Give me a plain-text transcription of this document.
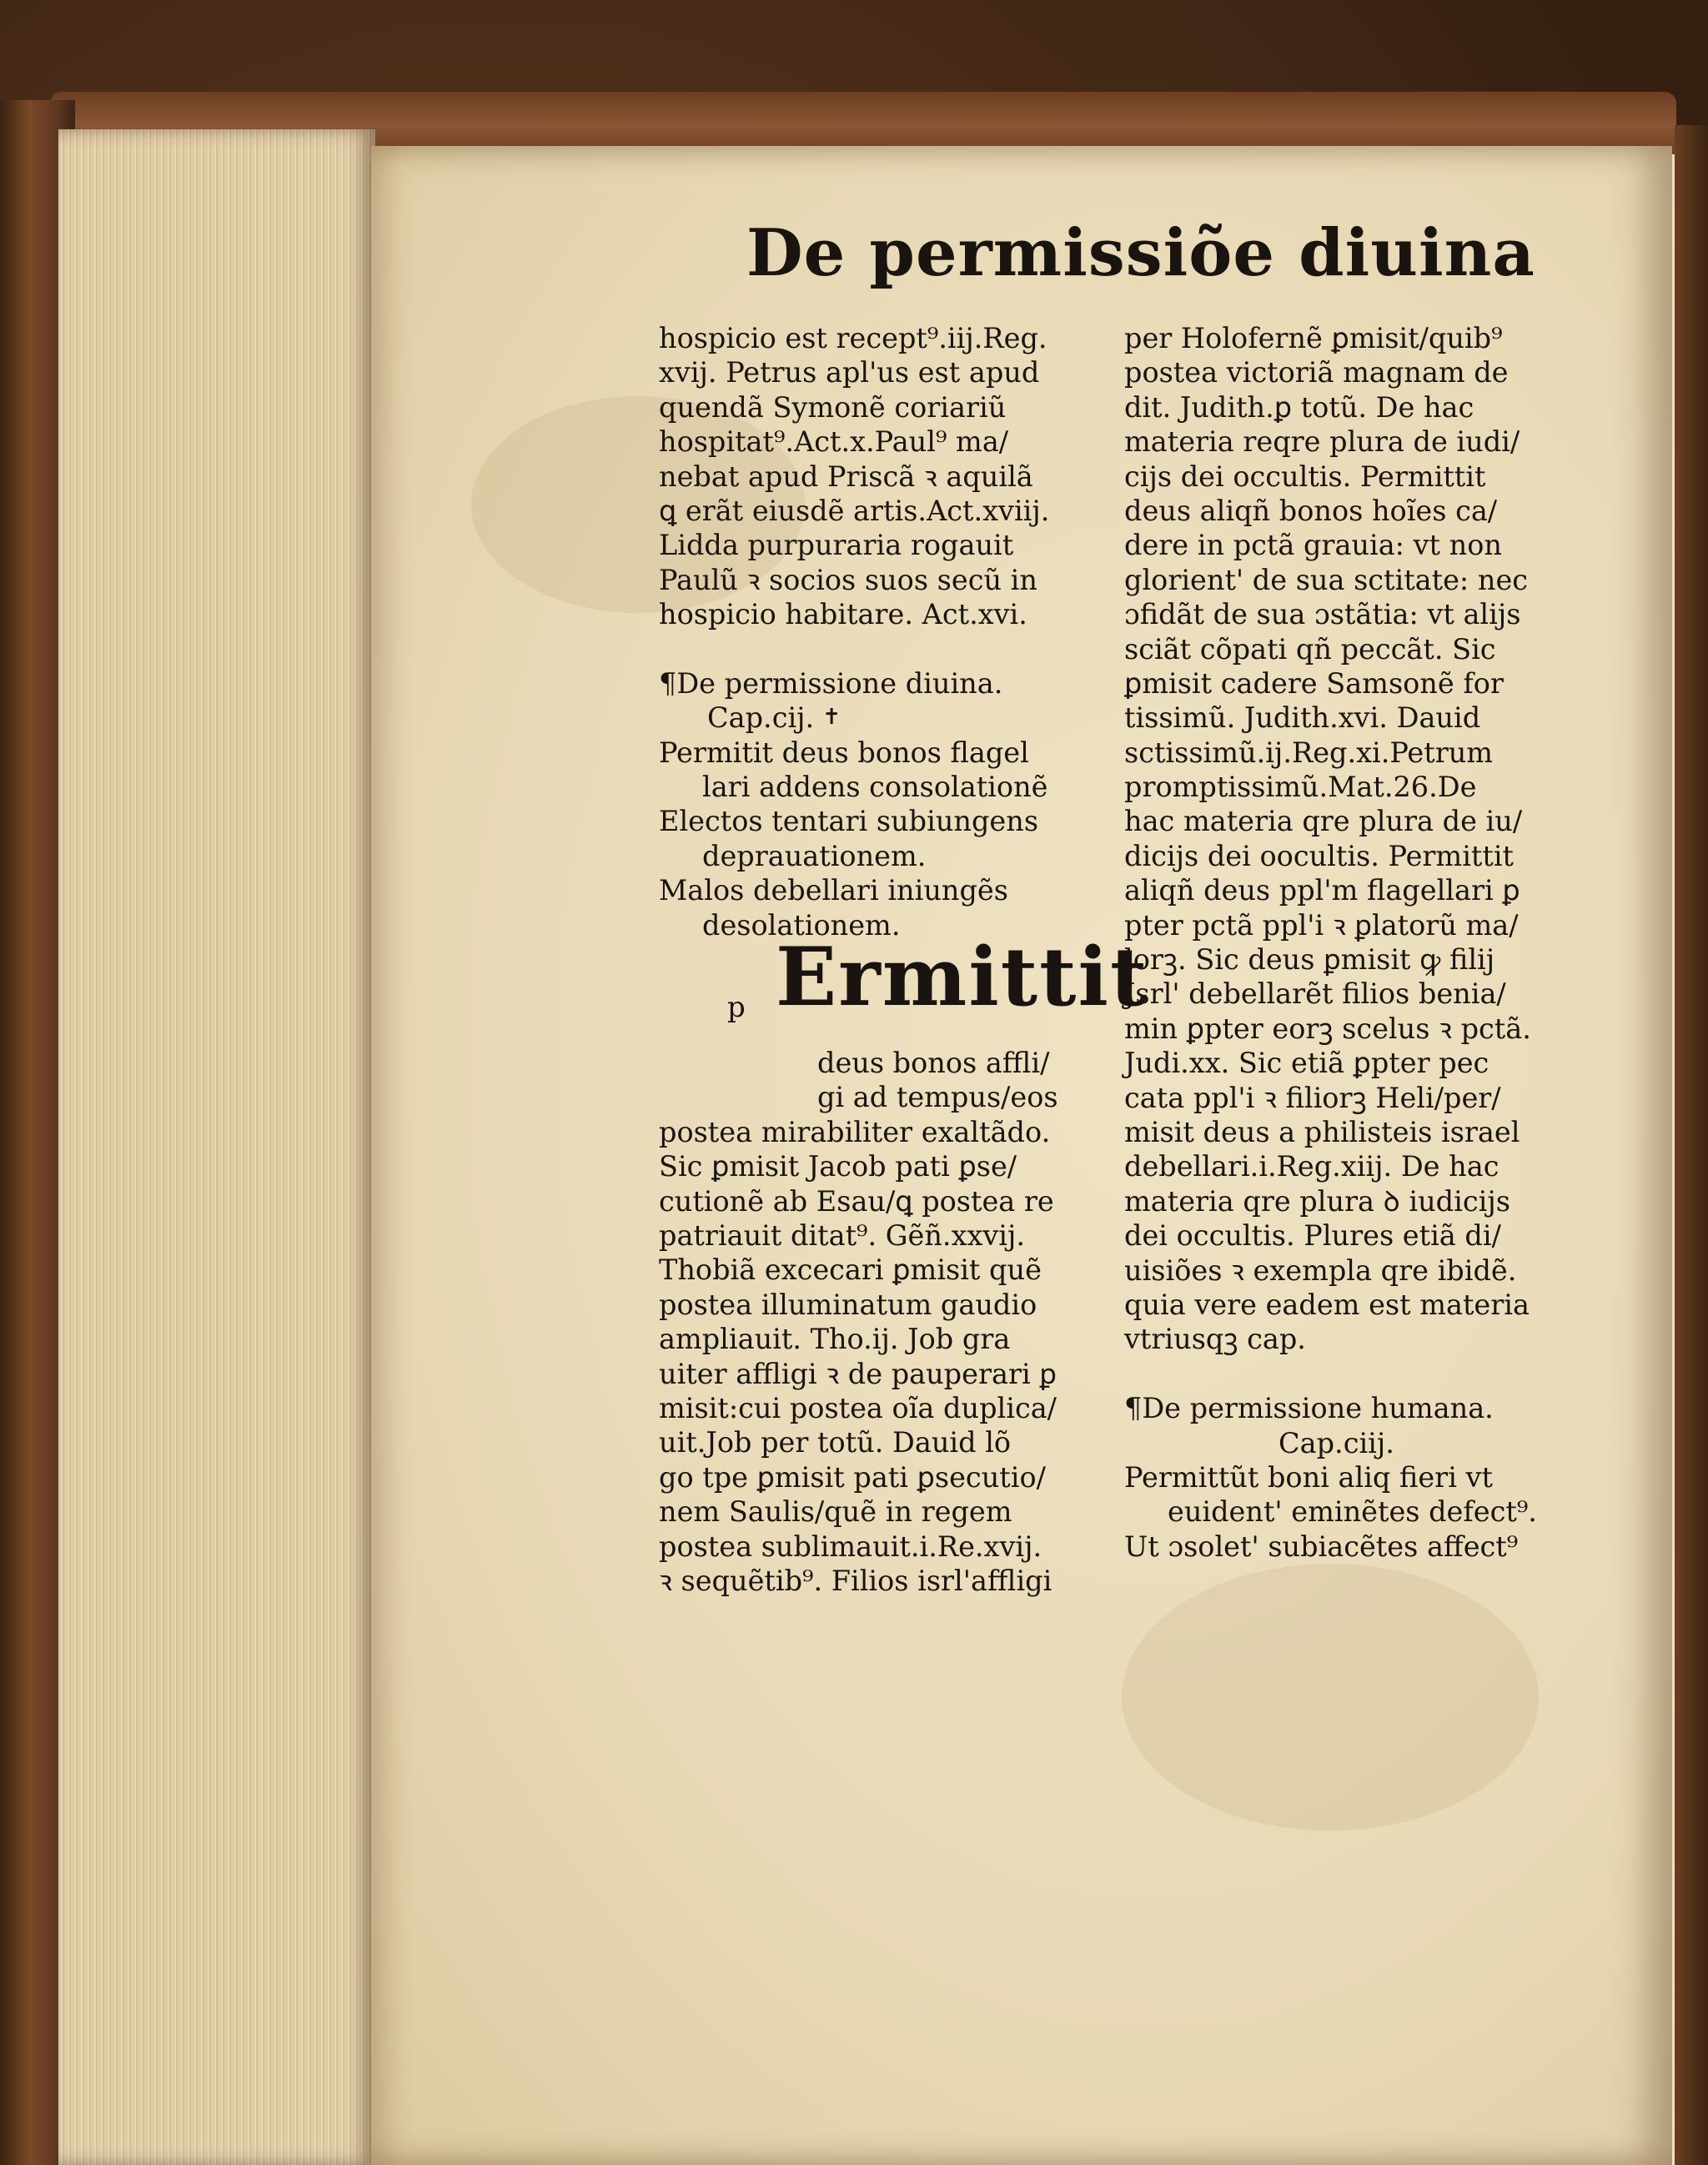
De permissiõe diuina
hospicio est recept⁹.iij.Reg.
xvij. Petrus apl'us est apud
quendã Symonẽ coriariũ
hospitat⁹.Act.x.Paul⁹ ma/
nebat apud Priscã ꝛ aquilã
ꝗ erãt eiusdẽ artis.Act.xviij.
Lidda purpuraria rogauit
Paulũ ꝛ socios suos secũ in
hospicio habitare. Act.xvi.
¶De permissione diuina.
Cap.cij. ✝
Permitit deus bonos flagel
lari addens consolationẽ
Electos tentari subiungens
deprauationem.
Malos debellari iniungẽs
desolationem.
p Ermittit
deus bonos affli/
gi ad tempus/eos
postea mirabiliter exaltãdo.
Sic ꝑmisit Jacob pati ꝑse/
cutionẽ ab Esau/ꝗ postea re
patriauit ditat⁹. Gẽñ.xxvij.
Thobiã excecari ꝑmisit quẽ
postea illuminatum gaudio
ampliauit. Tho.ij. Job gra
uiter affligi ꝛ de pauperari ꝑ
misit:cui postea oĩa duplica/
uit.Job per totũ. Dauid lõ
go tpe ꝑmisit pati ꝑsecutio/
nem Saulis/quẽ in regem
postea sublimauit.i.Re.xvij.
ꝛ sequẽtib⁹. Filios isrl'affligi
per Holofernẽ ꝑmisit/quib⁹
postea victoriã magnam de
dit. Judith.ꝑ totũ. De hac
materia reqre plura de iudi/
cijs dei occultis. Permittit
deus aliqñ bonos hoĩes ca/
dere in pctã grauia: vt non
glorient' de sua sctitate: nec
ɔfidãt de sua ɔstãtia: vt alijs
sciãt cõpati qñ peccãt. Sic
ꝑmisit cadere Samsonẽ for
tissimũ. Judith.xvi. Dauid
sctissimũ.ij.Reg.xi.Petrum
promptissimũ.Mat.26.De
hac materia qre plura de iu/
dicijs dei oocultis. Permittit
aliqñ deus ppl'm flagellari ꝑ
pter pctã ppl'i ꝛ ꝑlatorũ ma/
lorꝫ. Sic deus ꝑmisit ꝙ filij
Jsrl' debellarẽt filios benia/
min ꝑpter eorꝫ scelus ꝛ pctã.
Judi.xx. Sic etiã ꝑpter pec
cata ppl'i ꝛ filiorꝫ Heli/per/
misit deus a philisteis israel
debellari.i.Reg.xiij. De hac
materia qre plura ꝺ iudicijs
dei occultis. Plures etiã di/
uisiões ꝛ exempla qre ibidẽ.
quia vere eadem est materia
vtriusqꝫ cap.
¶De permissione humana.
Cap.ciij.
Permittũt boni aliq fieri vt
euident' eminẽtes defect⁹.
Ut ɔsolet' subiacẽtes affect⁹
